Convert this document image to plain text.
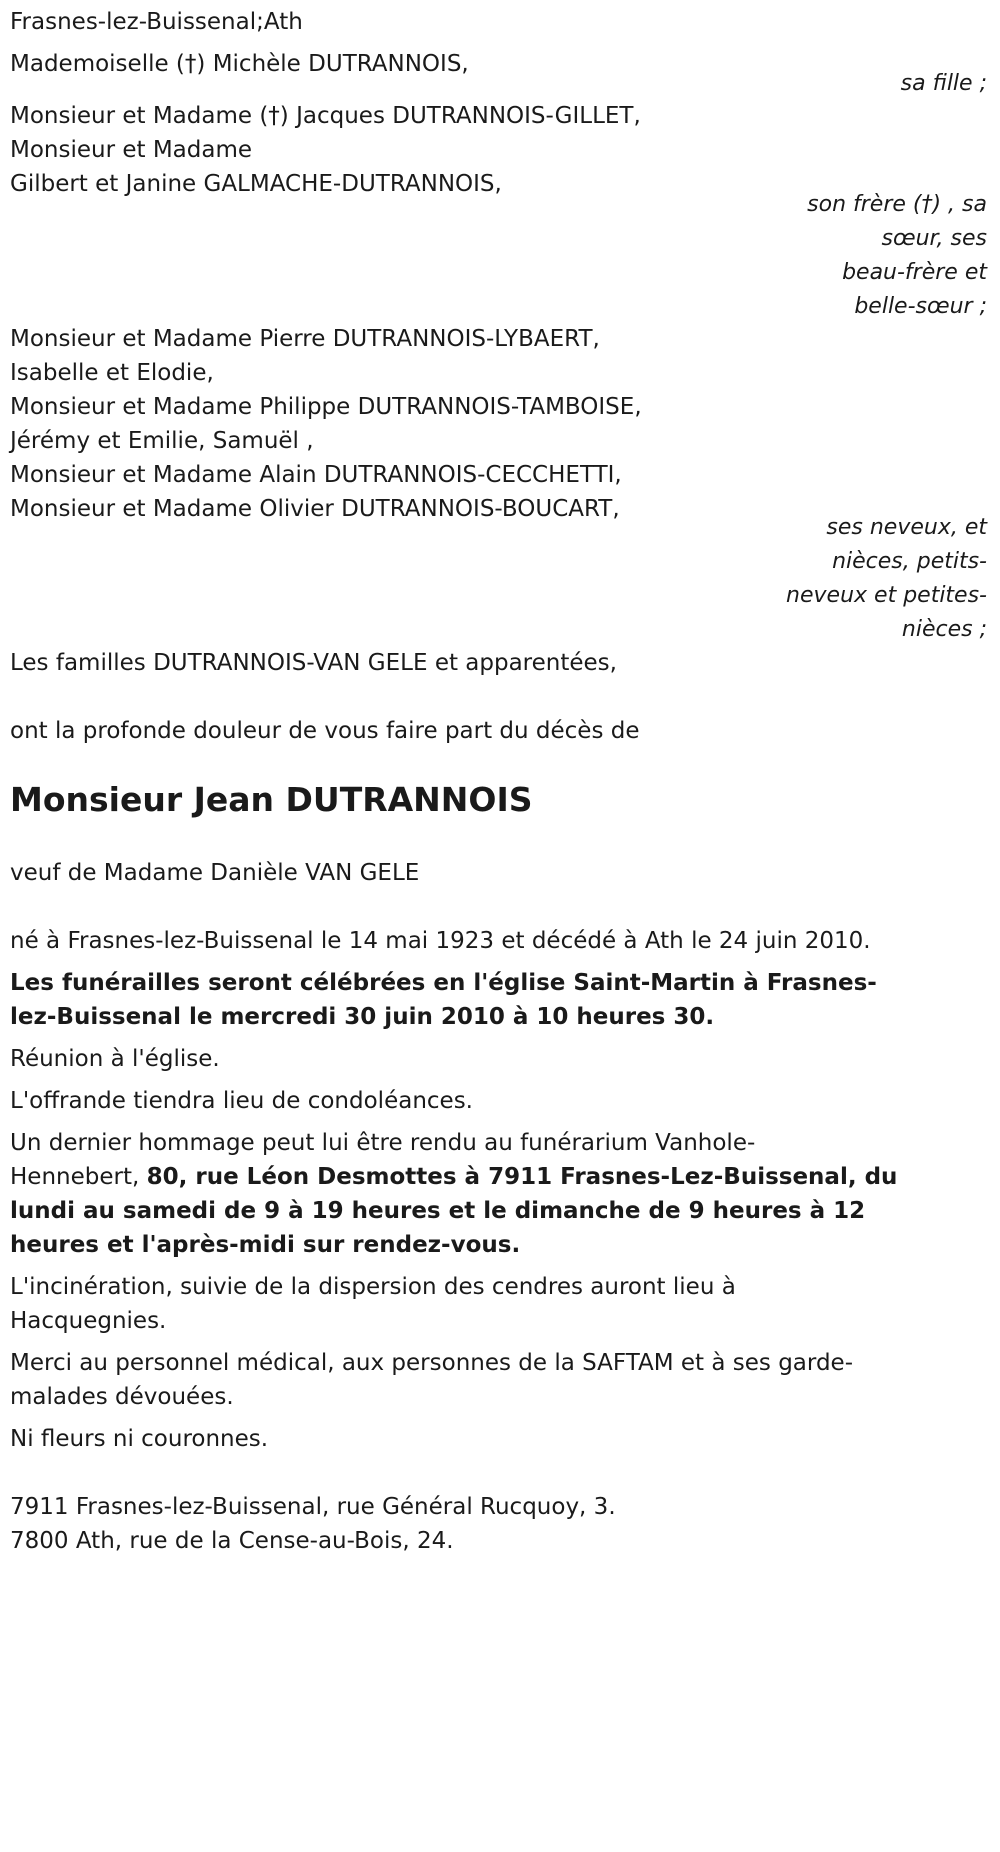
Frasnes-lez-Buissenal;Ath
Mademoiselle (†) Michèle DUTRANNOIS,
sa fille ;
Monsieur et Madame (†) Jacques DUTRANNOIS-GILLET,
Monsieur et Madame
Gilbert et Janine GALMACHE-DUTRANNOIS,
son frère (†) , sa
sœur, ses
beau-frère et
belle-sœur ;
Monsieur et Madame Pierre DUTRANNOIS-LYBAERT,
Isabelle et Elodie,
Monsieur et Madame Philippe DUTRANNOIS-TAMBOISE,
Jérémy et Emilie, Samuël ,
Monsieur et Madame Alain DUTRANNOIS-CECCHETTI,
Monsieur et Madame Olivier DUTRANNOIS-BOUCART,
ses neveux, et
nièces, petits-
neveux et petites-
nièces ;
Les familles DUTRANNOIS-VAN GELE et apparentées,
ont la profonde douleur de vous faire part du décès de
Monsieur Jean DUTRANNOIS
veuf de Madame Danièle VAN GELE
né à Frasnes-lez-Buissenal le 14 mai 1923 et décédé à Ath le 24 juin 2010.
Les funérailles seront célébrées en l'église Saint-Martin à Frasnes-
lez-Buissenal le mercredi 30 juin 2010 à 10 heures 30.
Réunion à l'église.
L'offrande tiendra lieu de condoléances.
Un dernier hommage peut lui être rendu au funérarium Vanhole-
Hennebert, 80, rue Léon Desmottes à 7911 Frasnes-Lez-Buissenal, du
lundi au samedi de 9 à 19 heures et le dimanche de 9 heures à 12
heures et l'après-midi sur rendez-vous.
L'incinération, suivie de la dispersion des cendres auront lieu à
Hacquegnies.
Merci au personnel médical, aux personnes de la SAFTAM et à ses garde-
malades dévouées.
Ni fleurs ni couronnes.
7911 Frasnes-lez-Buissenal, rue Général Rucquoy, 3.
7800 Ath, rue de la Cense-au-Bois, 24.
